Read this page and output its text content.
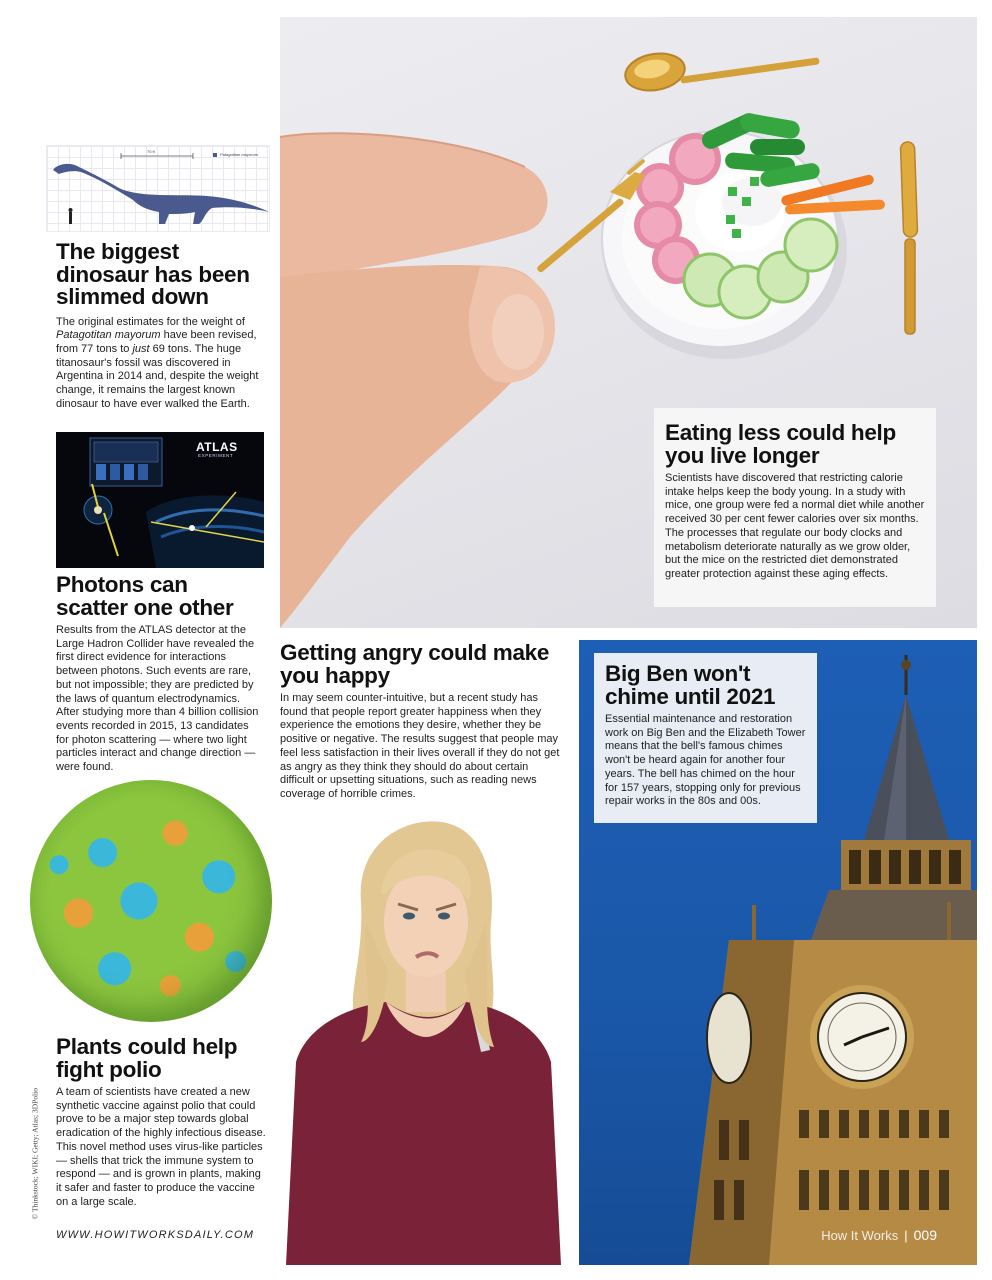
Eating less could help you live longer

Scientists have discovered that restricting calorie intake helps keep the body young. In a study with mice, one group were fed a normal diet while another received 30 per cent fewer calories over six months. The processes that regulate our body clocks and metabolism deteriorate naturally as we grow older, but the mice on the restricted diet demonstrated greater protection against these aging effects.

70 ft
Patagotitan mayorum
The biggest dinosaur has been slimmed down

The original estimates for the weight of Patagotitan mayorum have been revised, from 77 tons to just 69 tons. The huge titanosaur's fossil was discovered in Argentina in 2014 and, despite the weight change, it remains the largest known dinosaur to have ever walked the Earth.

ATLAS
EXPERIMENT
Photons can scatter one other

Results from the ATLAS detector at the Large Hadron Collider have revealed the first direct evidence for interactions between photons. Such events are rare, but not impossible; they are predicted by the laws of quantum electrodynamics. After studying more than 4 billion collision events recorded in 2015, 13 candidates for photon scattering — where two light particles interact and change direction — were found.

Plants could help fight polio

A team of scientists have created a new synthetic vaccine against polio that could prove to be a major step towards global eradication of the highly infectious disease. This novel method uses virus-like particles — shells that trick the immune system to respond — and is grown in plants, making it safer and faster to produce the vaccine on a large scale.

© Thinkstock; WIKI; Getty; Atlas; 3DPolio
Getting angry could make you happy

In may seem counter-intuitive, but a recent study has found that people report greater happiness when they experience the emotions they desire, whether they be positive or negative. The results suggest that people may feel less satisfaction in their lives overall if they do not get as angry as they think they should do about certain difficult or upsetting situations, such as reading news coverage of horrible crimes.

Big Ben won't chime until 2021

Essential maintenance and restoration work on Big Ben and the Elizabeth Tower means that the bell's famous chimes won't be heard again for another four years. The bell has chimed on the hour for 157 years, stopping only for previous repair works in the 80s and 00s.

How It Works | 009
WWW.HOWITWORKSDAILY.COM
